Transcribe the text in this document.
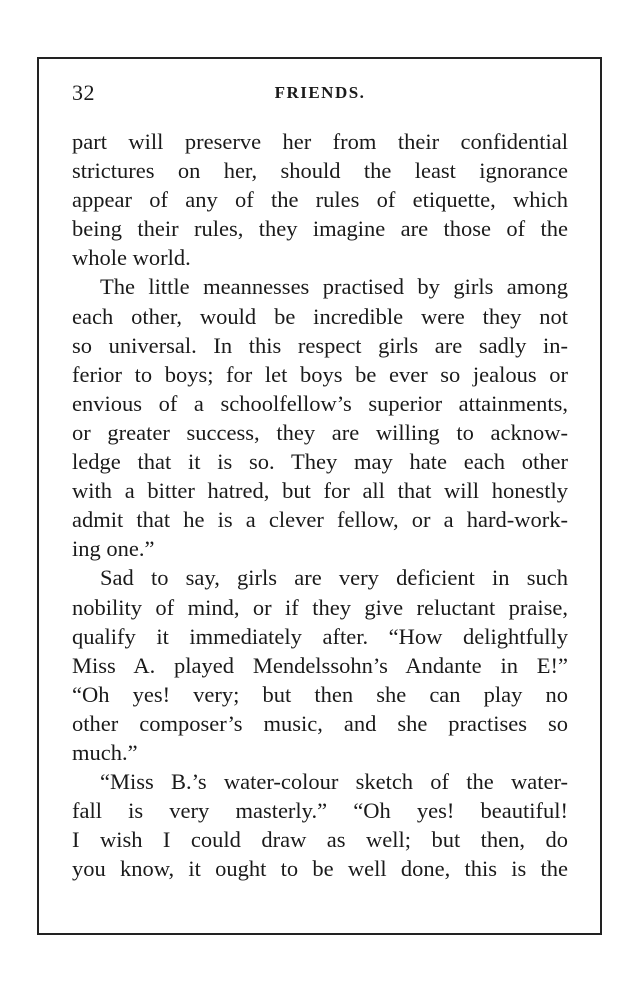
32	FRIENDS.
part will preserve her from their confidential
strictures on her, should the least ignorance
appear of any of the rules of etiquette, which
being their rules, they imagine are those of the
whole world.
The little meannesses practised by girls among
each other, would be incredible were they not
so universal. In this respect girls are sadly in-
ferior to boys; for let boys be ever so jealous or
envious of a schoolfellow’s superior attainments,
or greater success, they are willing to acknow-
ledge that it is so. They may hate each other
with a bitter hatred, but for all that will honestly
admit that he is a clever fellow, or a hard-work-
ing one.”
Sad to say, girls are very deficient in such
nobility of mind, or if they give reluctant praise,
qualify it immediately after. “How delightfully
Miss A. played Mendelssohn’s Andante in E!”
“Oh yes! very; but then she can play no
other composer’s music, and she practises so
much.”
“Miss B.’s water-colour sketch of the water-
fall is very masterly.” “Oh yes! beautiful!
I wish I could draw as well; but then, do
you know, it ought to be well done, this is the
